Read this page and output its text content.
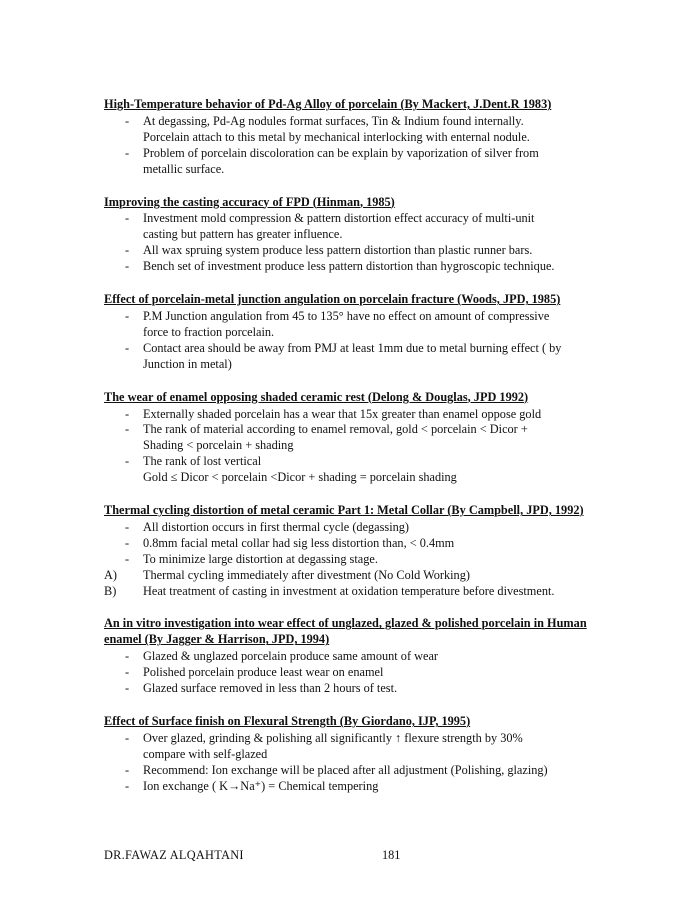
High-Temperature behavior of Pd-Ag Alloy of porcelain (By Mackert, J.Dent.R 1983)
- At degassing, Pd-Ag nodules format surfaces, Tin & Indium found internally.
Porcelain attach to this metal by mechanical interlocking with enternal nodule.
- Problem of porcelain discoloration can be explain by vaporization of silver from
metallic surface.
Improving the casting accuracy of FPD (Hinman, 1985)
- Investment mold compression & pattern distortion effect accuracy of multi-unit
casting but pattern has greater influence.
- All wax spruing system produce less pattern distortion than plastic runner bars.
- Bench set of investment produce less pattern distortion than hygroscopic technique.
Effect of porcelain-metal junction angulation on porcelain fracture (Woods, JPD, 1985)
- P.M Junction angulation from 45 to 135° have no effect on amount of compressive
force to fraction porcelain.
- Contact area should be away from PMJ at least 1mm due to metal burning effect ( by
Junction in metal)
The wear of enamel opposing shaded ceramic rest (Delong & Douglas, JPD 1992)
- Externally shaded porcelain has a wear that 15x greater than enamel oppose gold
- The rank of material according to enamel removal, gold < porcelain < Dicor +
Shading < porcelain + shading
- The rank of lost vertical
Gold ≤ Dicor < porcelain <Dicor + shading = porcelain shading
Thermal cycling distortion of metal ceramic Part 1: Metal Collar (By Campbell, JPD, 1992)
- All distortion occurs in first thermal cycle (degassing)
- 0.8mm facial metal collar had sig less distortion than, < 0.4mm
- To minimize large distortion at degassing stage.
A) Thermal cycling immediately after divestment (No Cold Working)
B) Heat treatment of casting in investment at oxidation temperature before divestment.
An in vitro investigation into wear effect of unglazed, glazed & polished porcelain in Human enamel (By Jagger & Harrison, JPD, 1994)
- Glazed & unglazed porcelain produce same amount of wear
- Polished porcelain produce least wear on enamel
- Glazed surface removed in less than 2 hours of test.
Effect of Surface finish on Flexural Strength (By Giordano, IJP, 1995)
- Over glazed, grinding & polishing all significantly ↑ flexure strength by 30%
compare with self-glazed
- Recommend: Ion exchange will be placed after all adjustment (Polishing, glazing)
- Ion exchange ( K→Na⁺) = Chemical tempering
DR.FAWAZ ALQAHTANI	181
